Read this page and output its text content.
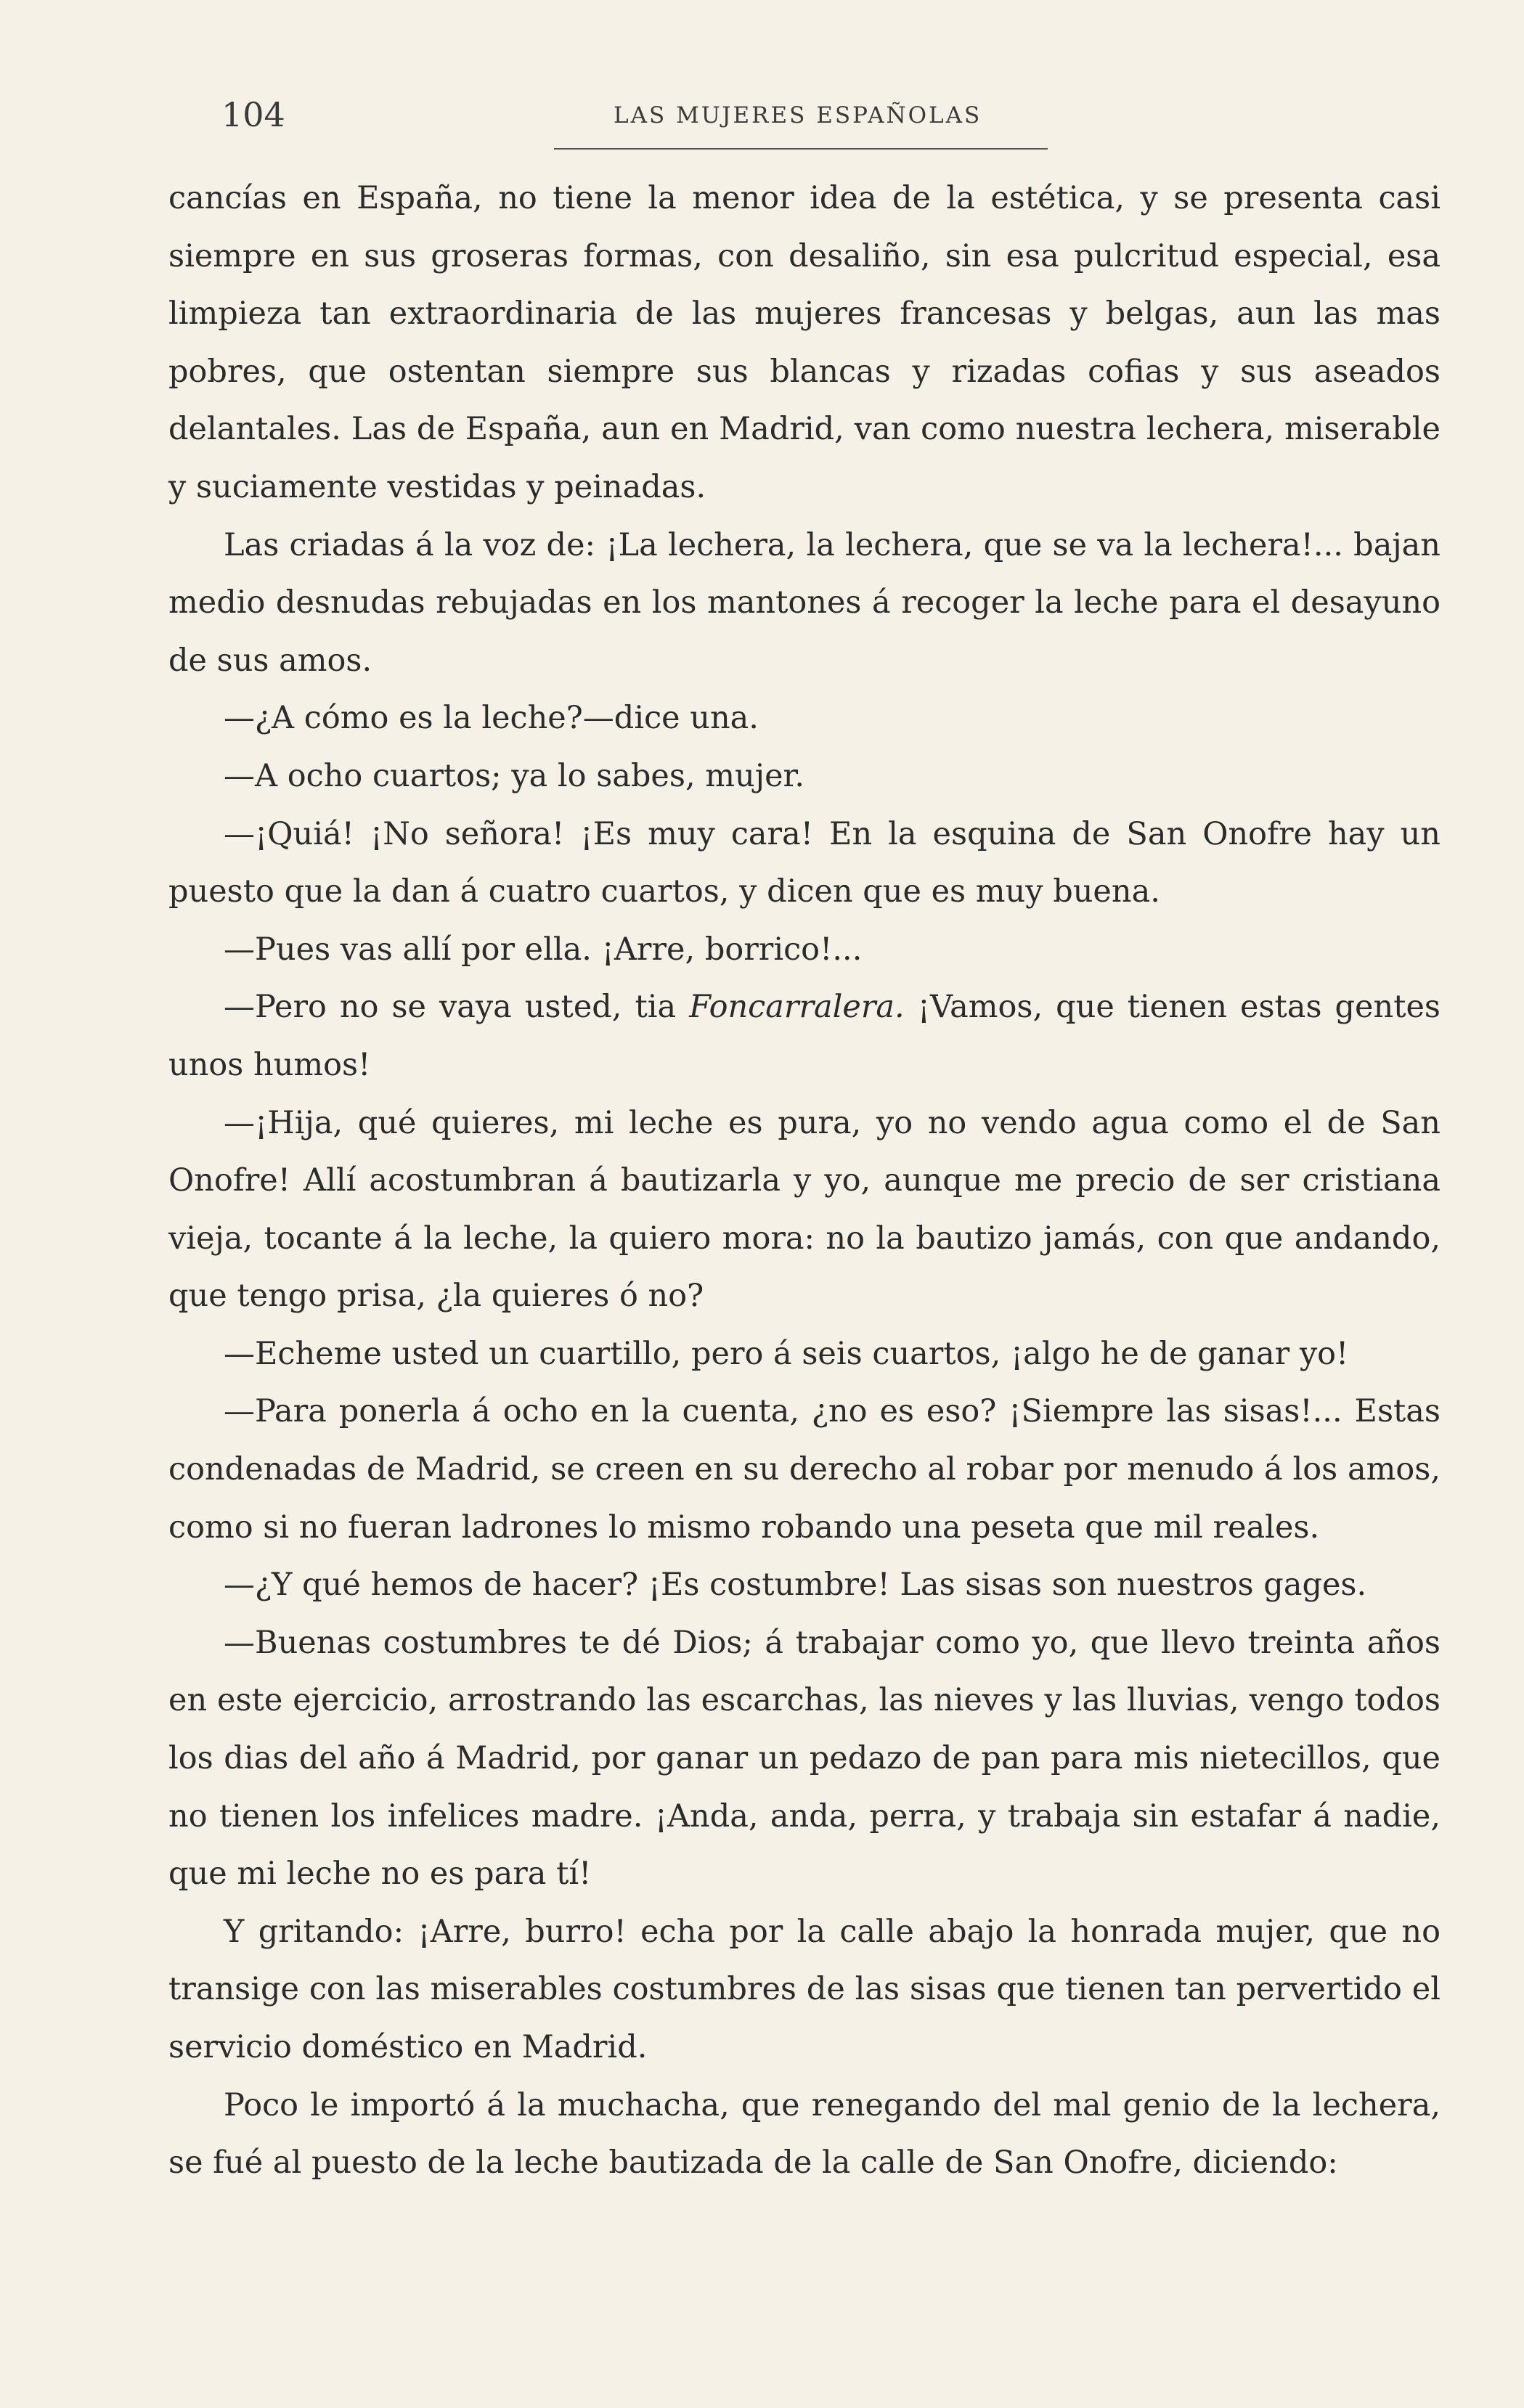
104	LAS MUJERES ESPAÑOLAS

cancías en España, no tiene la menor idea de la estética, y se presenta casi siempre en sus groseras formas, con desaliño, sin esa pulcritud especial, esa limpieza tan extraordinaria de las mujeres francesas y belgas, aun las mas pobres, que ostentan siempre sus blancas y rizadas cofias y sus aseados delantales. Las de España, aun en Madrid, van como nuestra lechera, miserable y suciamente vestidas y peinadas.

Las criadas á la voz de: ¡La lechera, la lechera, que se va la lechera!... bajan medio desnudas rebujadas en los mantones á recoger la leche para el desayuno de sus amos.

—¿A cómo es la leche?—dice una.

—A ocho cuartos; ya lo sabes, mujer.

—¡Quiá! ¡No señora! ¡Es muy cara! En la esquina de San Onofre hay un puesto que la dan á cuatro cuartos, y dicen que es muy buena.

—Pues vas allí por ella. ¡Arre, borrico!...

—Pero no se vaya usted, tia Foncarralera. ¡Vamos, que tienen estas gentes unos humos!

—¡Hija, qué quieres, mi leche es pura, yo no vendo agua como el de San Onofre! Allí acostumbran á bautizarla y yo, aunque me precio de ser cristiana vieja, tocante á la leche, la quiero mora: no la bautizo jamás, con que andando, que tengo prisa, ¿la quieres ó no?

—Echeme usted un cuartillo, pero á seis cuartos, ¡algo he de ganar yo!

—Para ponerla á ocho en la cuenta, ¿no es eso? ¡Siempre las sisas!... Estas condenadas de Madrid, se creen en su derecho al robar por menudo á los amos, como si no fueran ladrones lo mismo robando una peseta que mil reales.

—¿Y qué hemos de hacer? ¡Es costumbre! Las sisas son nuestros gages.

—Buenas costumbres te dé Dios; á trabajar como yo, que llevo treinta años en este ejercicio, arrostrando las escarchas, las nieves y las lluvias, vengo todos los dias del año á Madrid, por ganar un pedazo de pan para mis nietecillos, que no tienen los infelices madre. ¡Anda, anda, perra, y trabaja sin estafar á nadie, que mi leche no es para tí!

Y gritando: ¡Arre, burro! echa por la calle abajo la honrada mujer, que no transige con las miserables costumbres de las sisas que tienen tan pervertido el servicio doméstico en Madrid.

Poco le importó á la muchacha, que renegando del mal genio de la lechera, se fué al puesto de la leche bautizada de la calle de San Onofre, diciendo:
